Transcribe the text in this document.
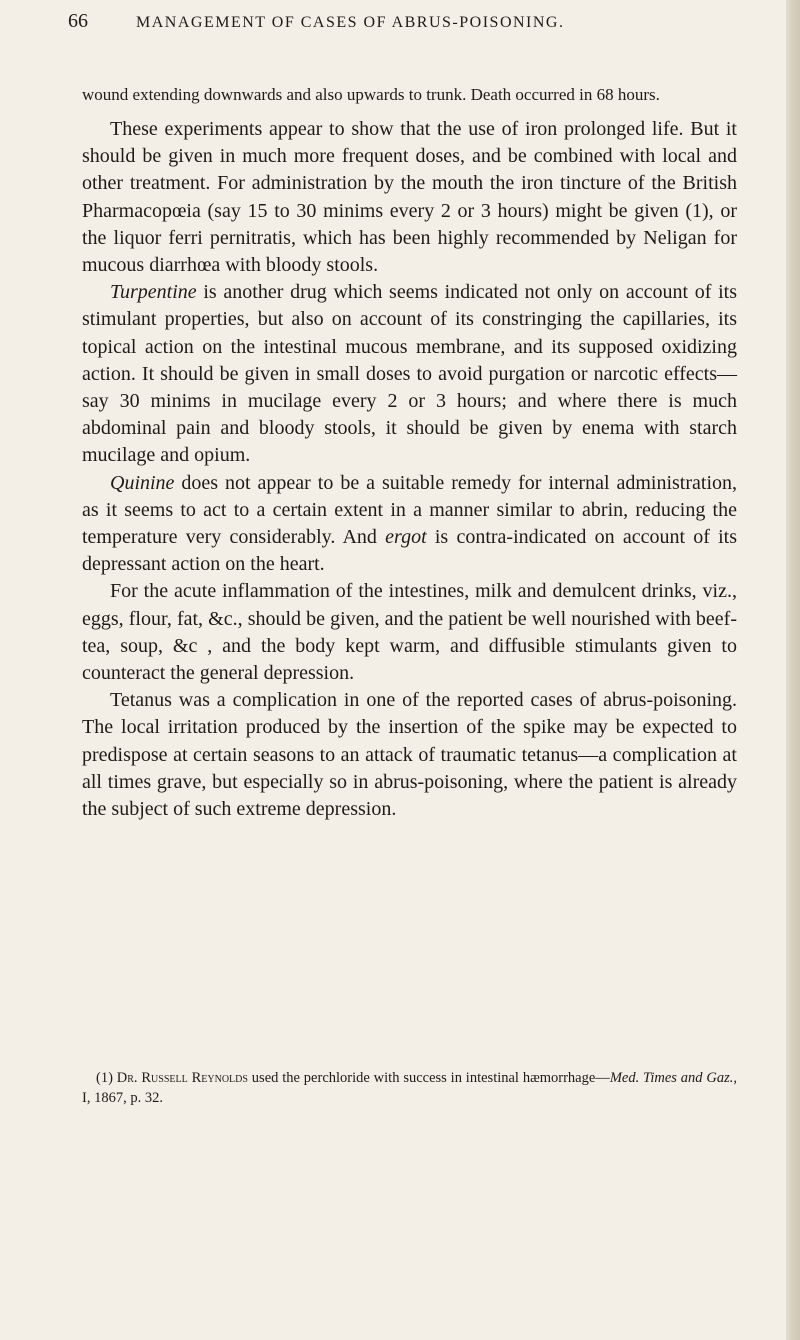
66	MANAGEMENT OF CASES OF ABRUS-POISONING.

wound extending downwards and also upwards to trunk. Death occurred in 68 hours.

These experiments appear to show that the use of iron prolonged life. But it should be given in much more frequent doses, and be combined with local and other treatment. For administration by the mouth the iron tincture of the British Pharmacopœia (say 15 to 30 minims every 2 or 3 hours) might be given (1), or the liquor ferri pernitratis, which has been highly recommended by Neligan for mucous diarrhœa with bloody stools.

Turpentine is another drug which seems indicated not only on account of its stimulant properties, but also on account of its constringing the capillaries, its topical action on the intestinal mucous membrane, and its supposed oxidizing action. It should be given in small doses to avoid purgation or narcotic effects—say 30 minims in mucilage every 2 or 3 hours; and where there is much abdominal pain and bloody stools, it should be given by enema with starch mucilage and opium.

Quinine does not appear to be a suitable remedy for internal administration, as it seems to act to a certain extent in a manner similar to abrin, reducing the temperature very considerably. And ergot is contra-indicated on account of its depressant action on the heart.

For the acute inflammation of the intestines, milk and demulcent drinks, viz., eggs, flour, fat, &c., should be given, and the patient be well nourished with beef-tea, soup, &c , and the body kept warm, and diffusible stimulants given to counteract the general depression.

Tetanus was a complication in one of the reported cases of abrus-poisoning. The local irritation produced by the insertion of the spike may be expected to predispose at certain seasons to an attack of traumatic tetanus—a complication at all times grave, but especially so in abrus-poisoning, where the patient is already the subject of such extreme depression.

(1) Dr. Russell Reynolds used the perchloride with success in intestinal hæmorrhage—Med. Times and Gaz., I, 1867, p. 32.
